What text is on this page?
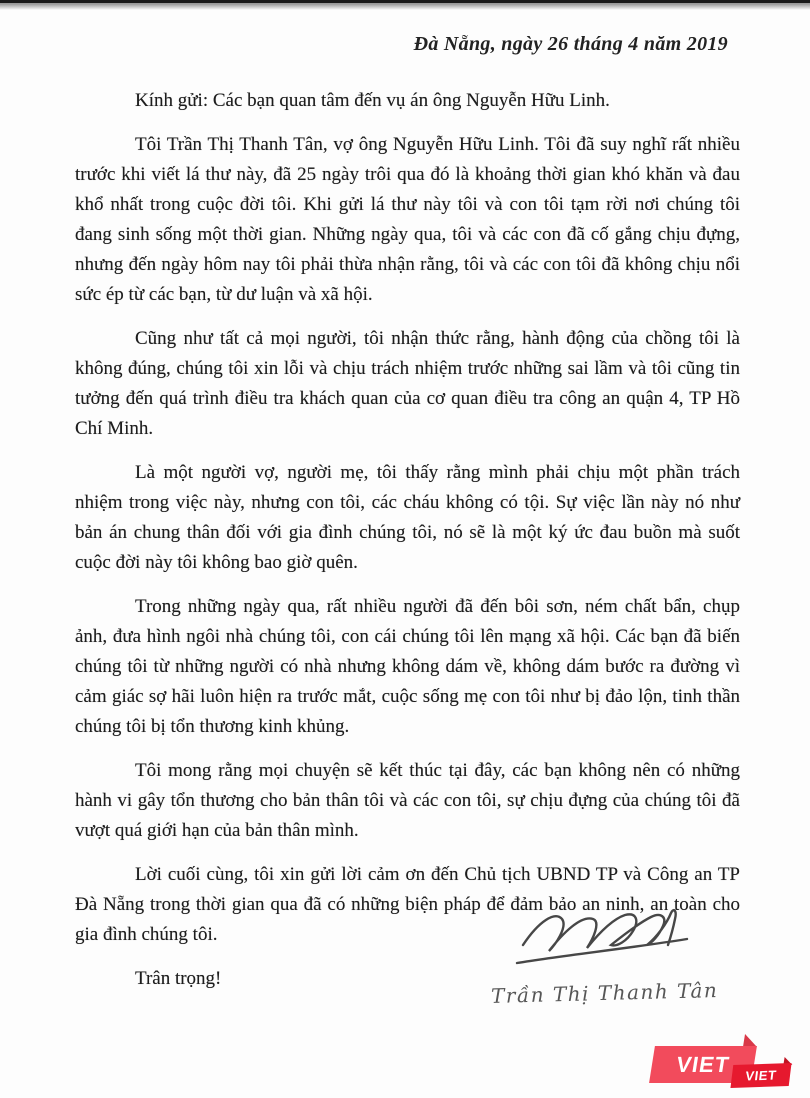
Đà Nẵng, ngày 26 tháng 4 năm 2019

Kính gửi: Các bạn quan tâm đến vụ án ông Nguyễn Hữu Linh.

Tôi Trần Thị Thanh Tân, vợ ông Nguyễn Hữu Linh. Tôi đã suy nghĩ rất nhiều trước khi viết lá thư này, đã 25 ngày trôi qua đó là khoảng thời gian khó khăn và đau khổ nhất trong cuộc đời tôi. Khi gửi lá thư này tôi và con tôi tạm rời nơi chúng tôi đang sinh sống một thời gian. Những ngày qua, tôi và các con đã cố gắng chịu đựng, nhưng đến ngày hôm nay tôi phải thừa nhận rằng, tôi và các con tôi đã không chịu nổi sức ép từ các bạn, từ dư luận và xã hội.

Cũng như tất cả mọi người, tôi nhận thức rằng, hành động của chồng tôi là không đúng, chúng tôi xin lỗi và chịu trách nhiệm trước những sai lầm và tôi cũng tin tưởng đến quá trình điều tra khách quan của cơ quan điều tra công an quận 4, TP Hồ Chí Minh.

Là một người vợ, người mẹ, tôi thấy rằng mình phải chịu một phần trách nhiệm trong việc này, nhưng con tôi, các cháu không có tội. Sự việc lần này nó như bản án chung thân đối với gia đình chúng tôi, nó sẽ là một ký ức đau buồn mà suốt cuộc đời này tôi không bao giờ quên.

Trong những ngày qua, rất nhiều người đã đến bôi sơn, ném chất bẩn, chụp ảnh, đưa hình ngôi nhà chúng tôi, con cái chúng tôi lên mạng xã hội. Các bạn đã biến chúng tôi từ những người có nhà nhưng không dám về, không dám bước ra đường vì cảm giác sợ hãi luôn hiện ra trước mắt, cuộc sống mẹ con tôi như bị đảo lộn, tinh thần chúng tôi bị tổn thương kinh khủng.

Tôi mong rằng mọi chuyện sẽ kết thúc tại đây, các bạn không nên có những hành vi gây tổn thương cho bản thân tôi và các con tôi, sự chịu đựng của chúng tôi đã vượt quá giới hạn của bản thân mình.

Lời cuối cùng, tôi xin gửi lời cảm ơn đến Chủ tịch UBND TP và Công an TP Đà Nẵng trong thời gian qua đã có những biện pháp để đảm bảo an ninh, an toàn cho gia đình chúng tôi.

Trân trọng!	Trần Thị Thanh Tân
VIET VIET
